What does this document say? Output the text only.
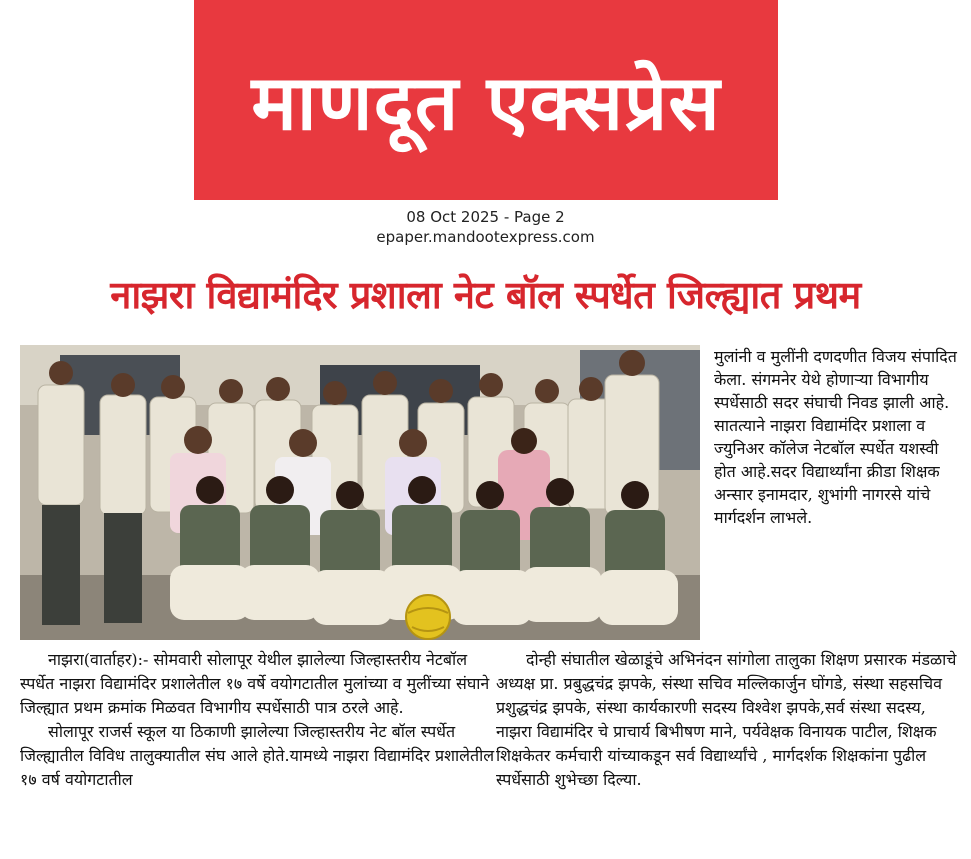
माणदूत एक्सप्रेस
08 Oct 2025 - Page 2
epaper.mandootexpress.com
नाझरा विद्यामंदिर प्रशाला नेट बॉल स्पर्धेत जिल्ह्यात प्रथम

मुलांनी व मुलींनी दणदणीत विजय संपादित केला. संगमनेर येथे होणाऱ्या विभागीय स्पर्धेसाठी सदर संघाची निवड झाली आहे.

सातत्याने नाझरा विद्यामंदिर प्रशाला व ज्युनिअर कॉलेज नेटबॉल स्पर्धेत यशस्वी होत आहे.सदर विद्यार्थ्यांना क्रीडा शिक्षक अन्सार इनामदार, शुभांगी नागरसे यांचे मार्गदर्शन लाभले.

नाझरा(वार्ताहर):- सोमवारी सोलापूर येथील झालेल्या जिल्हास्तरीय नेटबॉल स्पर्धेत नाझरा विद्यामंदिर प्रशालेतील १७ वर्षे वयोगटातील मुलांच्या व मुलींच्या संघाने जिल्ह्यात प्रथम क्रमांक मिळवत विभागीय स्पर्धेसाठी पात्र ठरले आहे.

सोलापूर राजर्स स्कूल या ठिकाणी झालेल्या जिल्हास्तरीय नेट बॉल स्पर्धेत जिल्ह्यातील विविध तालुक्यातील संघ आले होते.यामध्ये नाझरा विद्यामंदिर प्रशालेतील १७ वर्ष वयोगटातील

दोन्ही संघातील खेळाडूंचे अभिनंदन सांगोला तालुका शिक्षण प्रसारक मंडळाचे अध्यक्ष प्रा. प्रबुद्धचंद्र झपके, संस्था सचिव मल्लिकार्जुन घोंगडे, संस्था सहसचिव प्रशुद्धचंद्र झपके, संस्था कार्यकारणी सदस्य विश्वेश झपके,सर्व संस्था सदस्य, नाझरा विद्यामंदिर चे प्राचार्य बिभीषण माने, पर्यवेक्षक विनायक पाटील, शिक्षक शिक्षकेतर कर्मचारी यांच्याकडून सर्व विद्यार्थ्यांचे , मार्गदर्शक शिक्षकांना पुढील स्पर्धेसाठी शुभेच्छा दिल्या.
